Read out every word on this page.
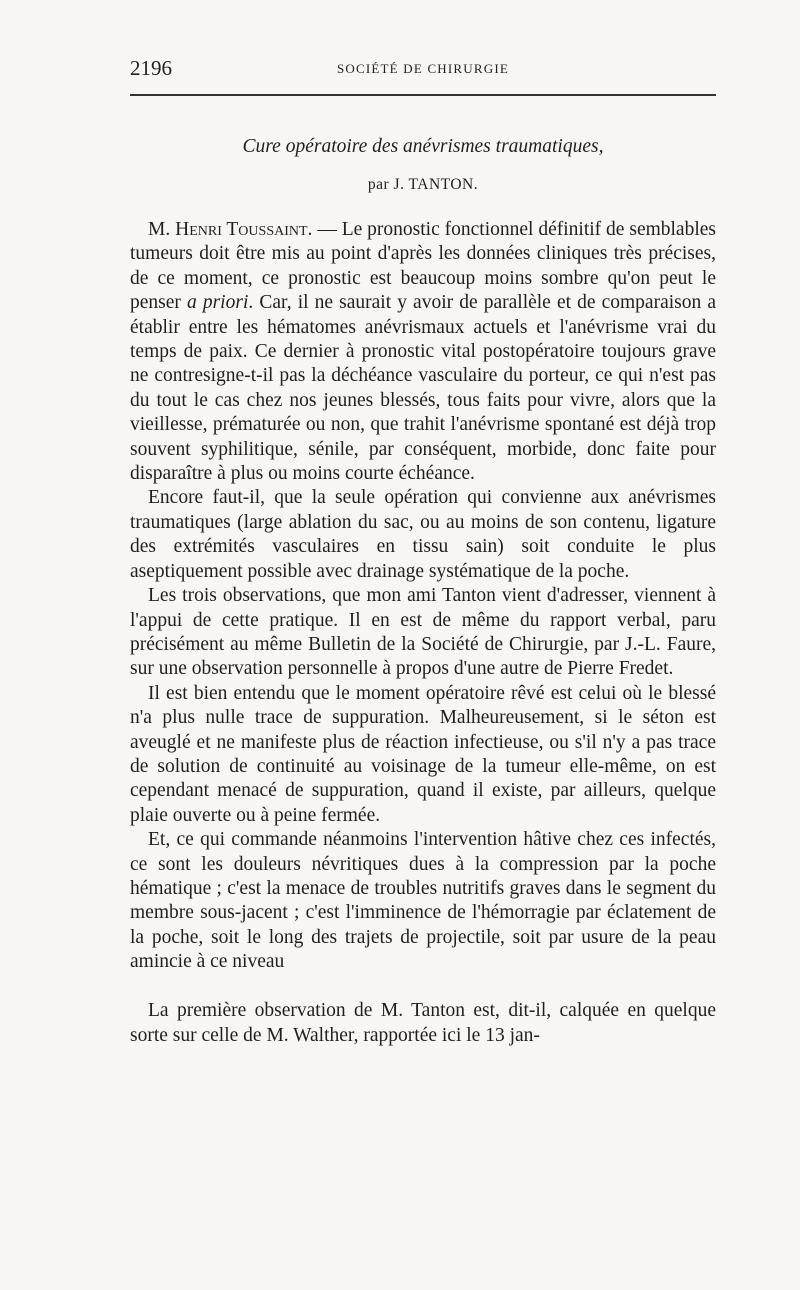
2196	SOCIÉTÉ DE CHIRURGIE
Cure opératoire des anévrismes traumatiques,
par J. TANTON.

M. Henri Toussaint. — Le pronostic fonctionnel définitif de semblables tumeurs doit être mis au point d'après les données cliniques très précises, de ce moment, ce pronostic est beaucoup moins sombre qu'on peut le penser a priori. Car, il ne saurait y avoir de parallèle et de comparaison a établir entre les hématomes anévrismaux actuels et l'anévrisme vrai du temps de paix. Ce dernier à pronostic vital postopératoire toujours grave ne contresigne-t-il pas la déchéance vasculaire du porteur, ce qui n'est pas du tout le cas chez nos jeunes blessés, tous faits pour vivre, alors que la vieillesse, prématurée ou non, que trahit l'anévrisme spontané est déjà trop souvent syphilitique, sénile, par conséquent, morbide, donc faite pour disparaître à plus ou moins courte échéance.

Encore faut-il, que la seule opération qui convienne aux anévrismes traumatiques (large ablation du sac, ou au moins de son contenu, ligature des extrémités vasculaires en tissu sain) soit conduite le plus aseptiquement possible avec drainage systématique de la poche.

Les trois observations, que mon ami Tanton vient d'adresser, viennent à l'appui de cette pratique. Il en est de même du rapport verbal, paru précisément au même Bulletin de la Société de Chirurgie, par J.-L. Faure, sur une observation personnelle à propos d'une autre de Pierre Fredet.

Il est bien entendu que le moment opératoire rêvé est celui où le blessé n'a plus nulle trace de suppuration. Malheureusement, si le séton est aveuglé et ne manifeste plus de réaction infectieuse, ou s'il n'y a pas trace de solution de continuité au voisinage de la tumeur elle-même, on est cependant menacé de suppuration, quand il existe, par ailleurs, quelque plaie ouverte ou à peine fermée.

Et, ce qui commande néanmoins l'intervention hâtive chez ces infectés, ce sont les douleurs névritiques dues à la compression par la poche hématique ; c'est la menace de troubles nutritifs graves dans le segment du membre sous-jacent ; c'est l'imminence de l'hémorragie par éclatement de la poche, soit le long des trajets de projectile, soit par usure de la peau amincie à ce niveau

La première observation de M. Tanton est, dit-il, calquée en quelque sorte sur celle de M. Walther, rapportée ici le 13 jan-
